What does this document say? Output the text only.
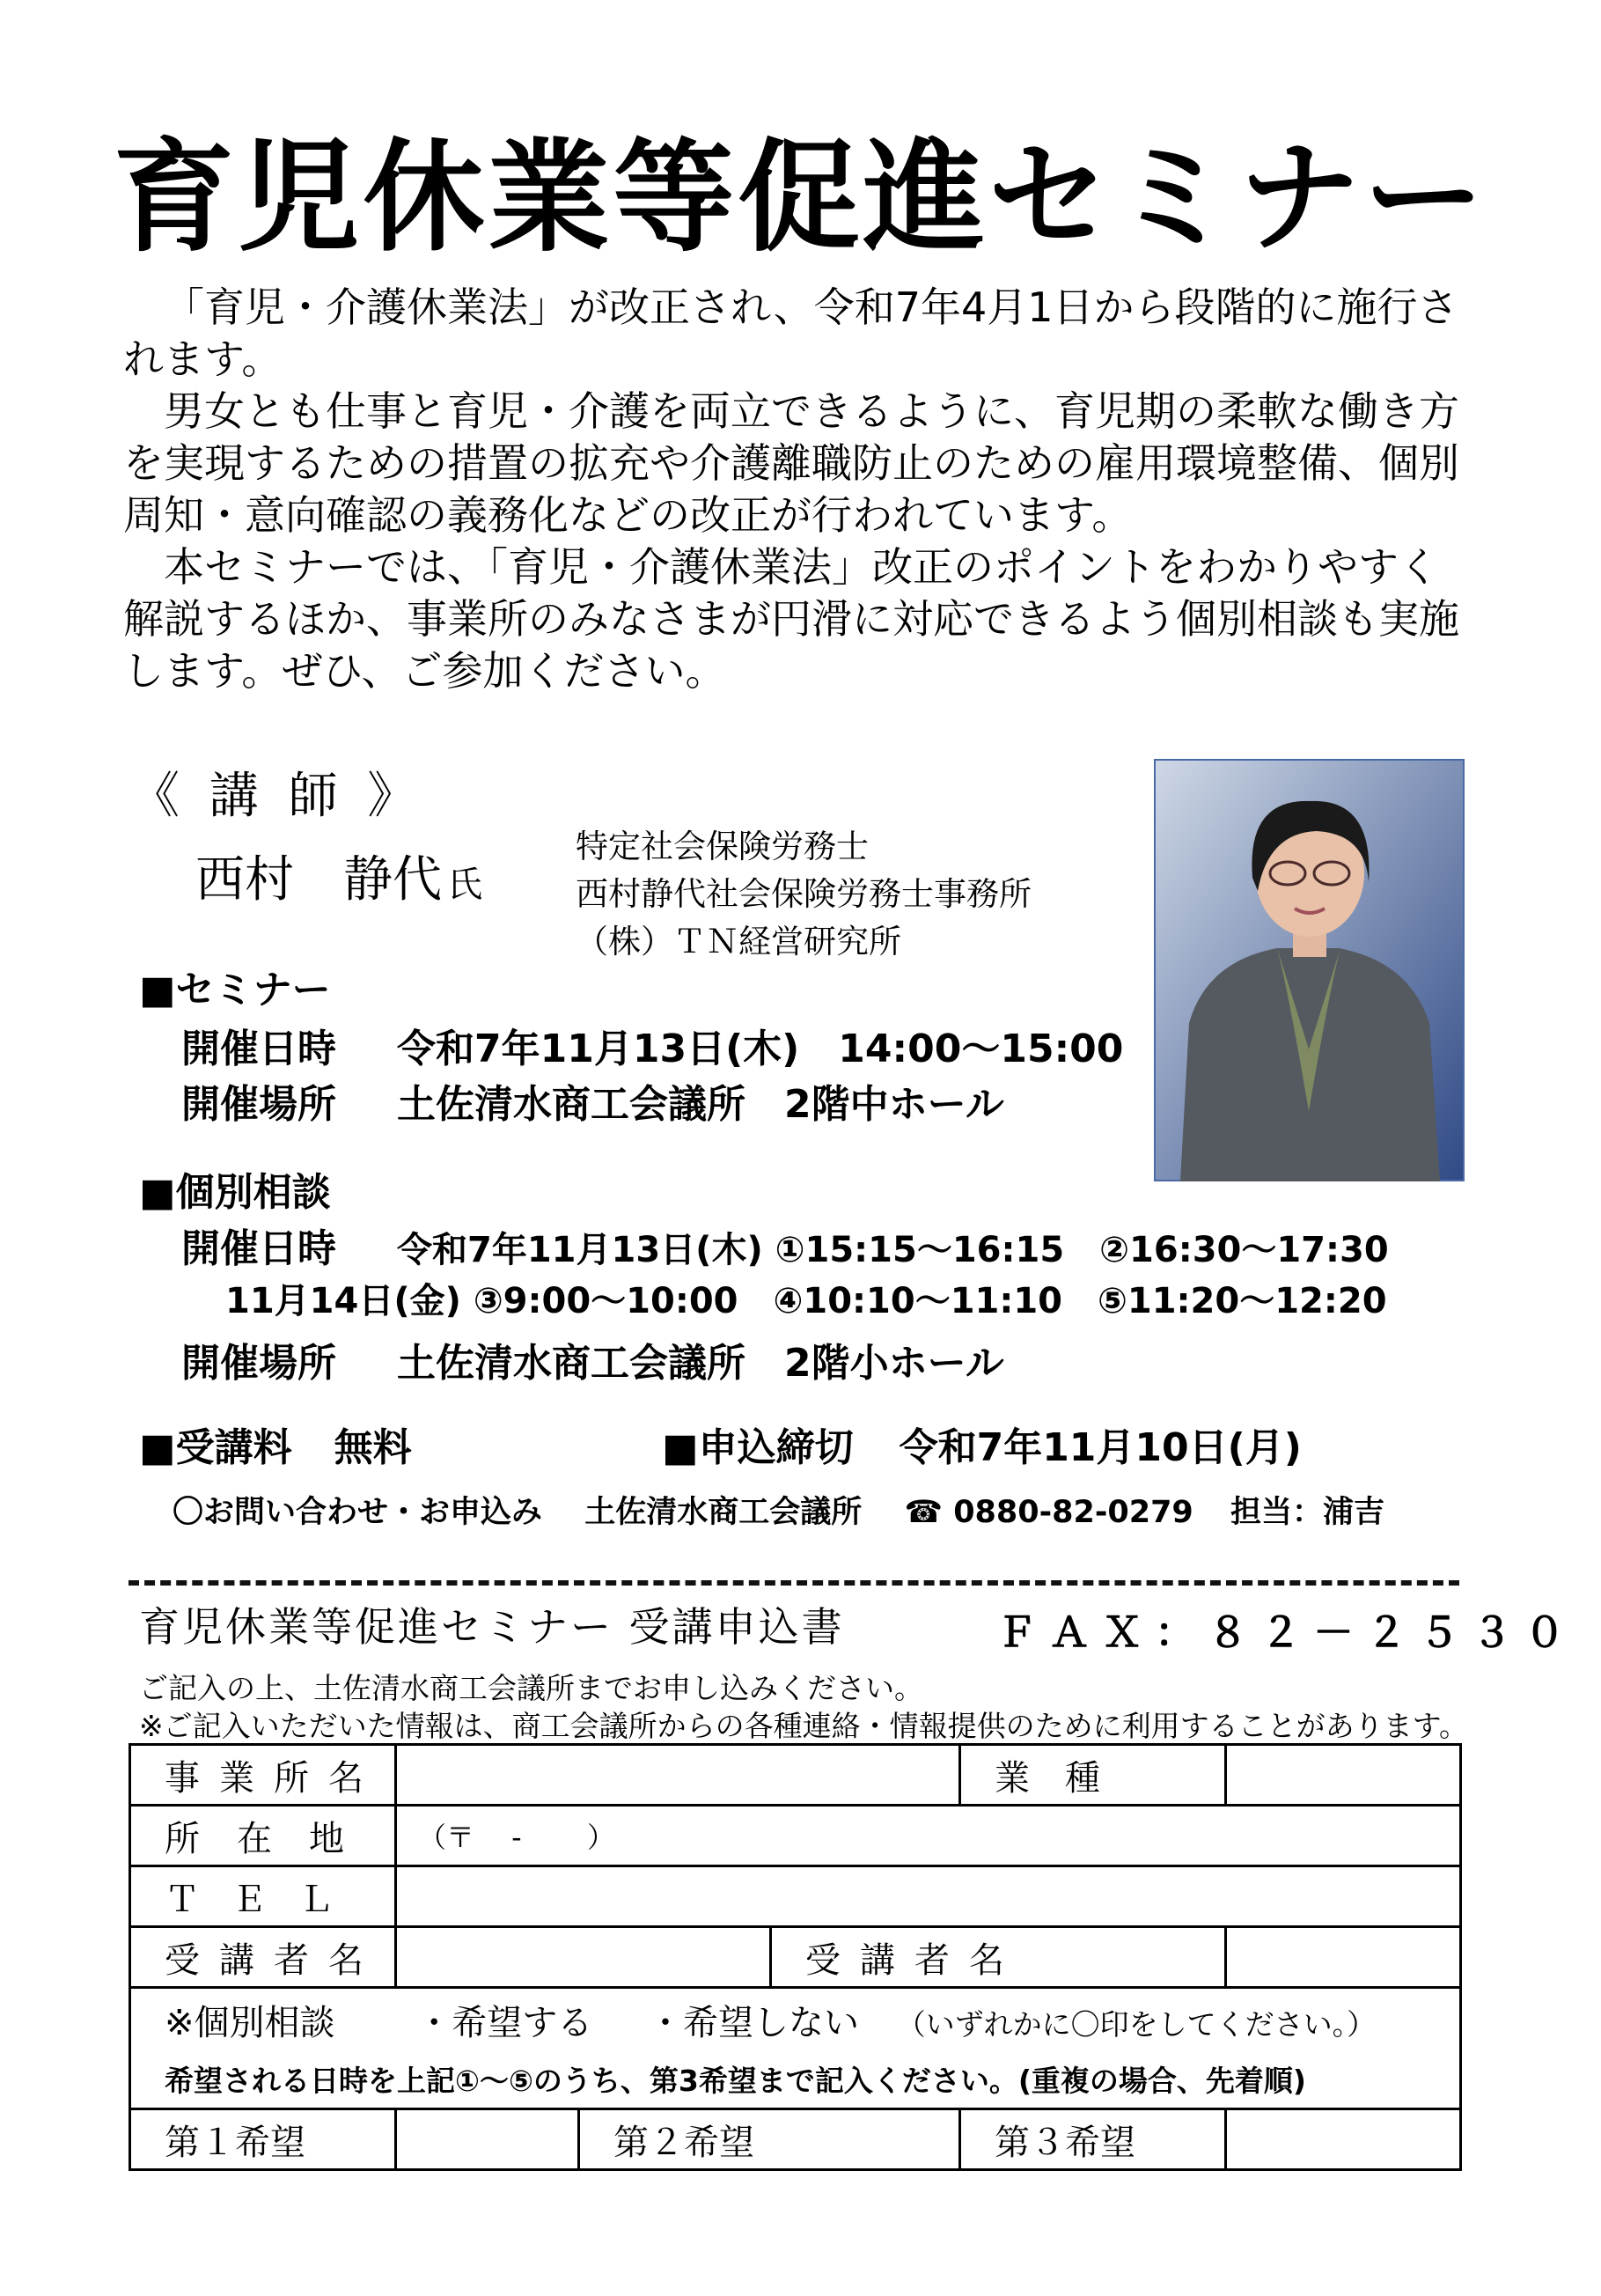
育児休業等促進セミナー

「育児・介護休業法」が改正され、令和7年4月1日から段階的に施行されます。

男女とも仕事と育児・介護を両立できるように、育児期の柔軟な働き方を実現するための措置の拡充や介護離職防止のための雇用環境整備、個別周知・意向確認の義務化などの改正が行われています。

本セミナーでは、「育児・介護休業法」改正のポイントをわかりやすく解説するほか、事業所のみなさまが円滑に対応できるよう個別相談も実施します。ぜひ、ご参加ください。

《 講 師 》
西村　静代 氏
特定社会保険労務士
西村静代社会保険労務士事務所
（株）ＴＮ経営研究所
■セミナー
開催日時 令和7年11月13日(木)　14:00～15:00
開催場所 土佐清水商工会議所　2階中ホール
■個別相談
開催日時 令和7年11月13日(木) ①15:15～16:15　②16:30～17:30
11月14日(金) ③9:00～10:00　④10:10～11:10　⑤11:20～12:20
開催場所 土佐清水商工会議所　2階小ホール
■受講料 無料	■申込締切 令和7年11月10日(月)
〇お問い合わせ・お申込み 土佐清水商工会議所 ☎ 0880-82-0279 担当：浦吉
育児休業等促進セミナー 受講申込書	ＦＡＸ：８２－２５３０
ご記入の上、土佐清水商工会議所までお申し込みください。
※ご記入いただいた情報は、商工会議所からの各種連絡・情報提供のために利用することがあります。
事業所名				業　種	
所在地	（〒　 -　 　）				
ＴＥＬ					
受講者名			受講者名		
※個別相談 ・希望する ・希望しない （いずれかに〇印をしてください。）					
希望される日時を上記①～⑤のうち、第3希望まで記入ください。(重複の場合、先着順)					
第１希望		第２希望		第３希望	
